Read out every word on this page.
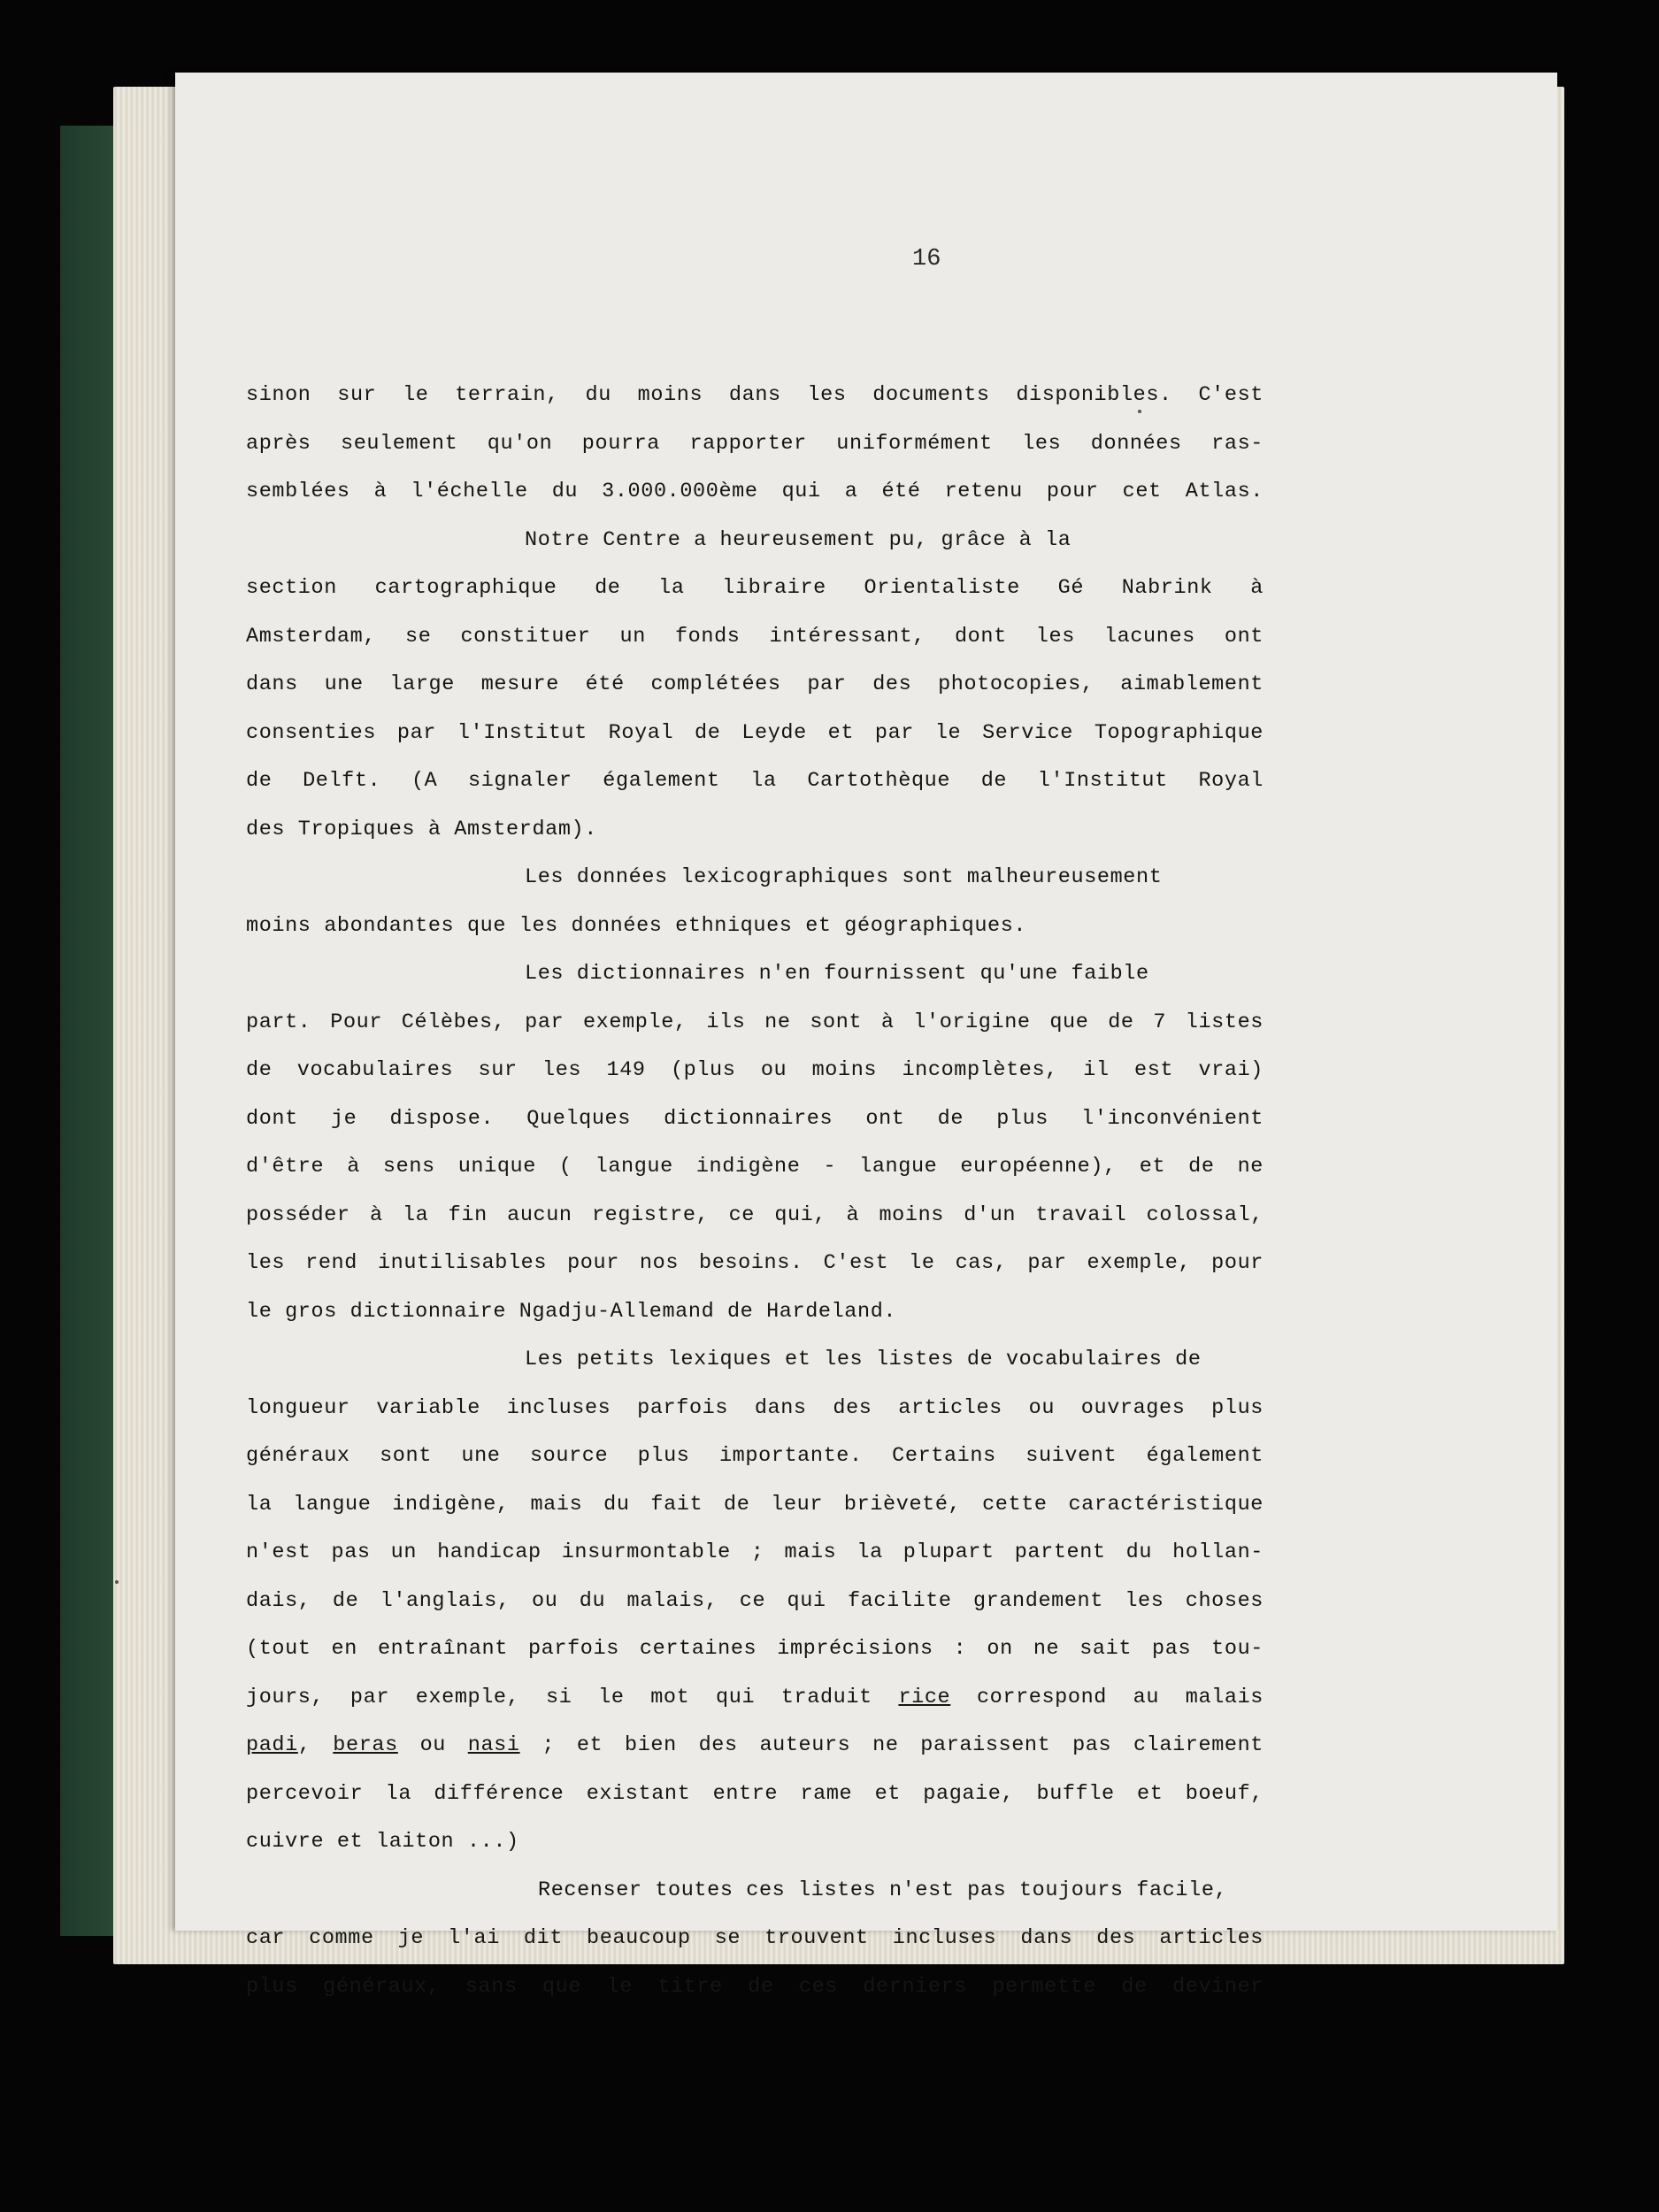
16
sinon sur le terrain, du moins dans les documents disponibles. C'est
après seulement qu'on pourra rapporter uniformément les données ras-
semblées à l'échelle du 3.000.000ème qui a été retenu pour cet Atlas.
Notre Centre a heureusement pu, grâce à la
section cartographique de la libraire Orientaliste Gé Nabrink à
Amsterdam, se constituer un fonds intéressant, dont les lacunes ont
dans une large mesure été complétées par des photocopies, aimablement
consenties par l'Institut Royal de Leyde et par le Service Topographique
de Delft. (A signaler également la Cartothèque de l'Institut Royal
des Tropiques à Amsterdam).
Les données lexicographiques sont malheureusement
moins abondantes que les données ethniques et géographiques.
Les dictionnaires n'en fournissent qu'une faible
part. Pour Célèbes, par exemple, ils ne sont à l'origine que de 7 listes
de vocabulaires sur les 149 (plus ou moins incomplètes, il est vrai)
dont je dispose. Quelques dictionnaires ont de plus l'inconvénient
d'être à sens unique ( langue indigène - langue européenne), et de ne
posséder à la fin aucun registre, ce qui, à moins d'un travail colossal,
les rend inutilisables pour nos besoins. C'est le cas, par exemple, pour
le gros dictionnaire Ngadju-Allemand de Hardeland.
Les petits lexiques et les listes de vocabulaires de
longueur variable incluses parfois dans des articles ou ouvrages plus
généraux sont une source plus importante. Certains suivent également
la langue indigène, mais du fait de leur brièveté, cette caractéristique
n'est pas un handicap insurmontable ; mais la plupart partent du hollan-
dais, de l'anglais, ou du malais, ce qui facilite grandement les choses
(tout en entraînant parfois certaines imprécisions : on ne sait pas tou-
jours, par exemple, si le mot qui traduit rice correspond au malais
padi, beras ou nasi ; et bien des auteurs ne paraissent pas clairement
percevoir la différence existant entre rame et pagaie, buffle et boeuf,
cuivre et laiton ...)
Recenser toutes ces listes n'est pas toujours facile,
car comme je l'ai dit beaucoup se trouvent incluses dans des articles
plus généraux, sans que le titre de ces derniers permette de deviner
